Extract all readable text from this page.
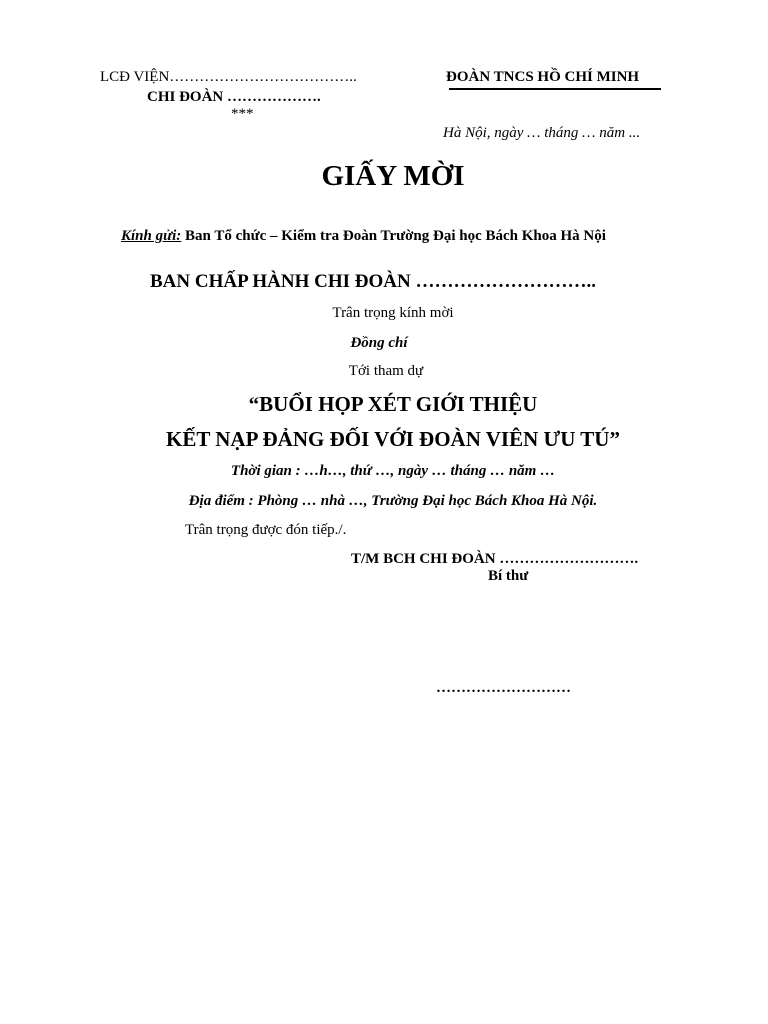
LCĐ VIỆN………………………………..
CHI ĐOÀN ……………….
***
ĐOÀN TNCS HỒ CHÍ MINH
Hà Nội, ngày … tháng … năm ...
GIẤY MỜI
Kính gửi: Ban Tổ chức – Kiểm tra Đoàn Trường Đại học Bách Khoa Hà Nội
BAN CHẤP HÀNH CHI ĐOÀN ………………………..
Trân trọng kính mời
Đồng chí
Tới tham dự
“BUỔI HỌP XÉT GIỚI THIỆU
KẾT NẠP ĐẢNG ĐỐI VỚI ĐOÀN VIÊN ƯU TÚ”
Thời gian : …h…, thứ …, ngày … tháng … năm …
Địa điểm : Phòng … nhà …, Trường Đại học Bách Khoa Hà Nội.
Trân trọng được đón tiếp./.
T/M BCH CHI ĐOÀN ……………………….
Bí thư
………………………
